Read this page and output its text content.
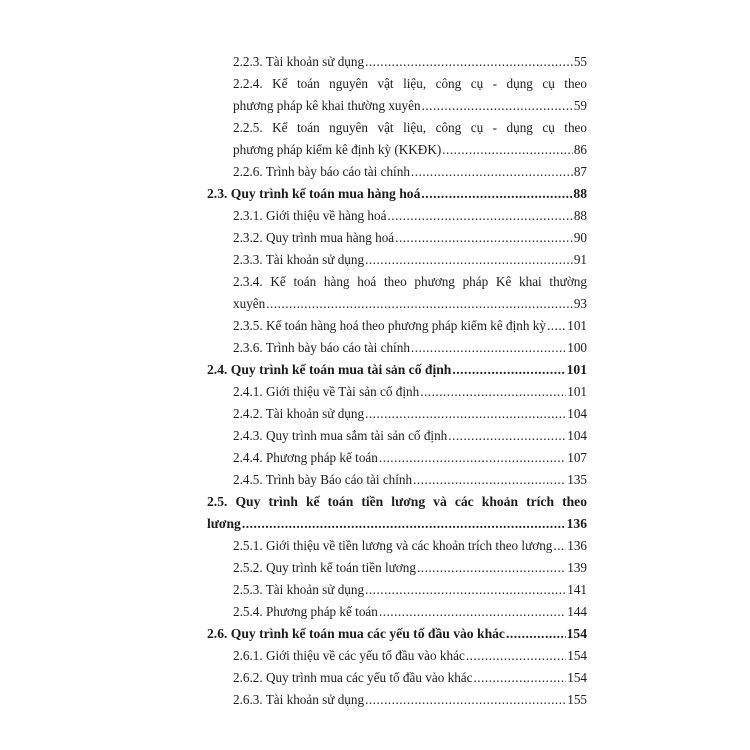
2.2.3. Tài khoản sử dụng .....	55
2.2.4. Kế toán nguyên vật liệu, công cụ - dụng cụ theo
phương pháp kê khai thường xuyên .....	59
2.2.5. Kế toán nguyên vật liệu, công cụ - dụng cụ theo
phương pháp kiểm kê định kỳ (KKĐK) .....	86
2.2.6. Trình bày báo cáo tài chính .....	87
2.3. Quy trình kế toán mua hàng hoá .....	88
2.3.1. Giới thiệu về hàng hoá .....	88
2.3.2. Quy trình mua hàng hoá .....	90
2.3.3. Tài khoản sử dụng .....	91
2.3.4. Kế toán hàng hoá theo phương pháp Kê khai thường
xuyên .....	93
2.3.5. Kế toán hàng hoá theo phương pháp kiểm kê định kỳ ..... 101
2.3.6. Trình bày báo cáo tài chính .....	100
2.4. Quy trình kế toán mua tài sản cố định .....	101
2.4.1. Giới thiệu về Tài sản cố định .....	101
2.4.2. Tài khoản sử dụng .....	104
2.4.3. Quy trình mua sắm tài sản cố định .....	104
2.4.4. Phương pháp kế toán .....	107
2.4.5. Trình bày Báo cáo tài chính .....	135
2.5. Quy trình kế toán tiền lương và các khoản trích theo
lương .....	136
2.5.1. Giới thiệu về tiền lương và các khoản trích theo lương ..... 136
2.5.2. Quy trình kế toán tiền lương .....	139
2.5.3. Tài khoản sử dụng .....	141
2.5.4. Phương pháp kế toán .....	144
2.6. Quy trình kế toán mua các yếu tố đầu vào khác .....	154
2.6.1. Giới thiệu về các yếu tố đầu vào khác .....	154
2.6.2. Quy trình mua các yếu tố đầu vào khác .....	154
2.6.3. Tài khoản sử dụng .....	155
